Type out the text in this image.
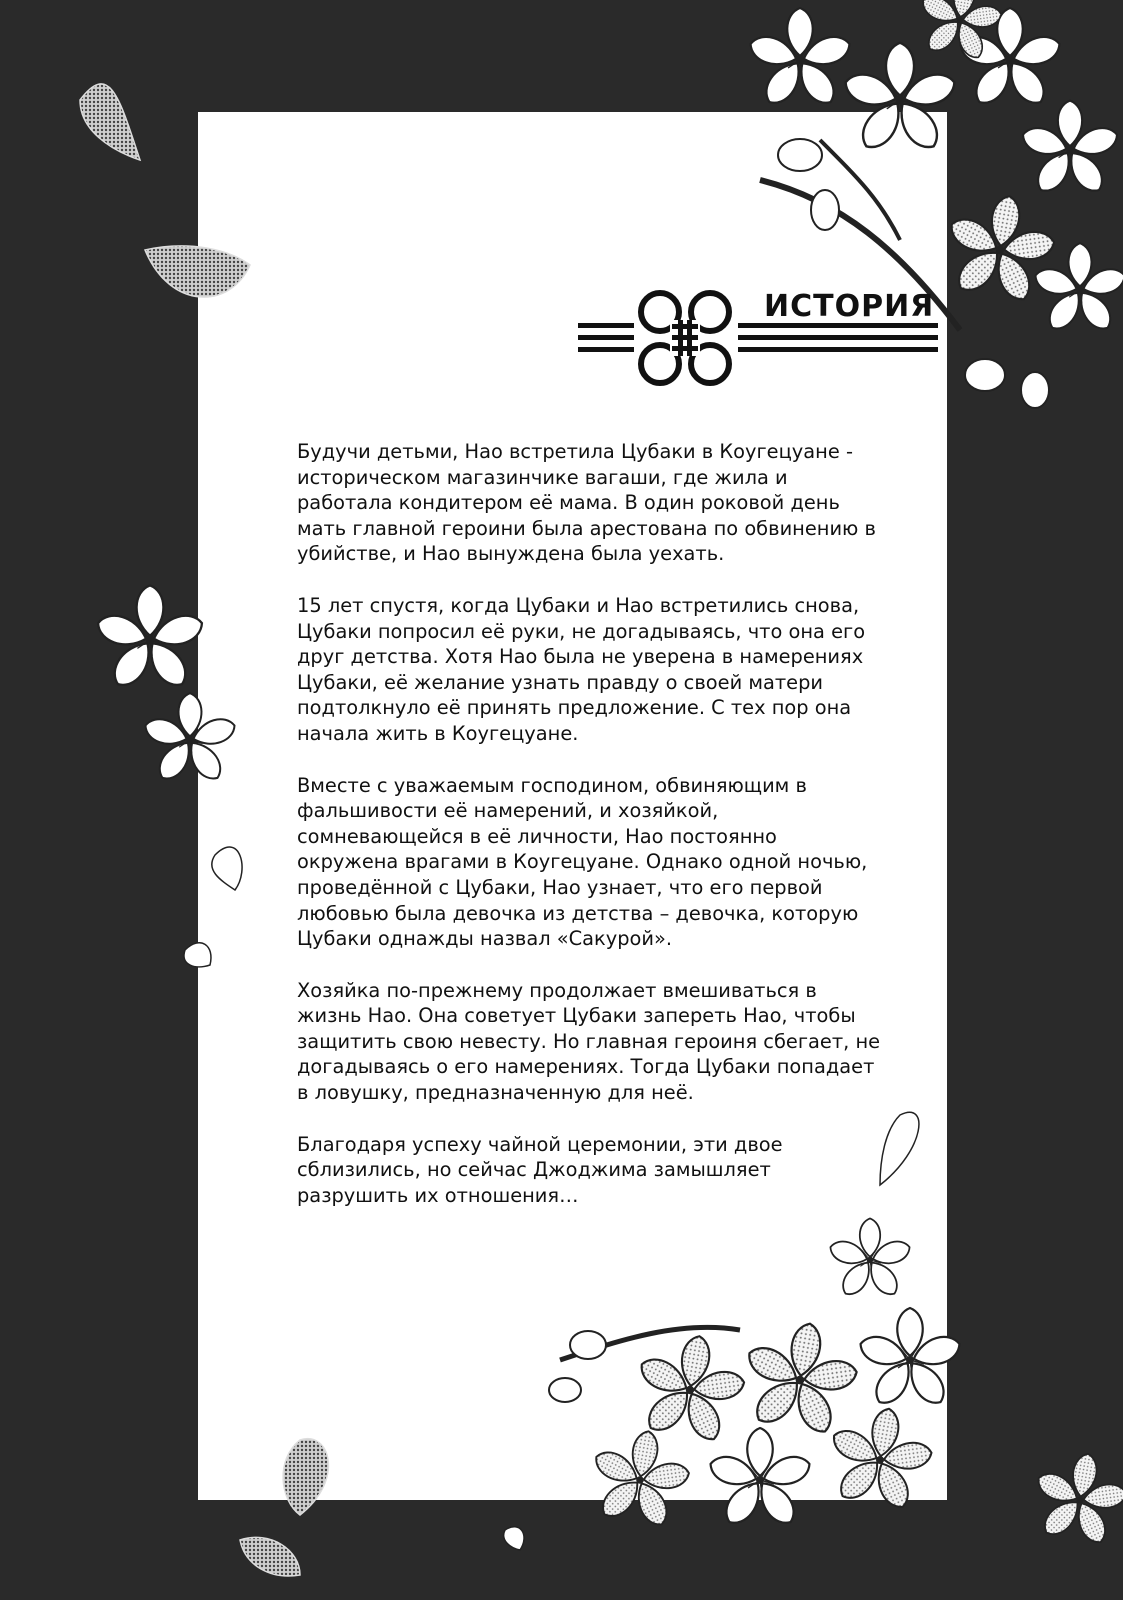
ИСТОРИЯ

Будучи детьми, Нао встретила Цубаки в Коугецуане - историческом магазинчике вагаши, где жила и работала кондитером её мама. В один роковой день мать главной героини была арестована по обвинению в убийстве, и Нао вынуждена была уехать.

15 лет спустя, когда Цубаки и Нао встретились снова, Цубаки попросил её руки, не догадываясь, что она его друг детства. Хотя Нао была не уверена в намерениях Цубаки, её желание узнать правду о своей матери подтолкнуло её принять предложение. С тех пор она начала жить в Коугецуане.

Вместе с уважаемым господином, обвиняющим в фальшивости её намерений, и хозяйкой, сомневающейся в её личности, Нао постоянно окружена врагами в Коугецуане. Однако одной ночью, проведённой с Цубаки, Нао узнает, что его первой любовью была девочка из детства – девочка, которую Цубаки однажды назвал «Сакурой».

Хозяйка по-прежнему продолжает вмешиваться в жизнь Нао. Она советует Цубаки запереть Нао, чтобы защитить свою невесту. Но главная героиня сбегает, не догадываясь о его намерениях. Тогда Цубаки попадает в ловушку, предназначенную для неё.

Благодаря успеху чайной церемонии, эти двое сблизились, но сейчас Джоджима замышляет разрушить их отношения…
